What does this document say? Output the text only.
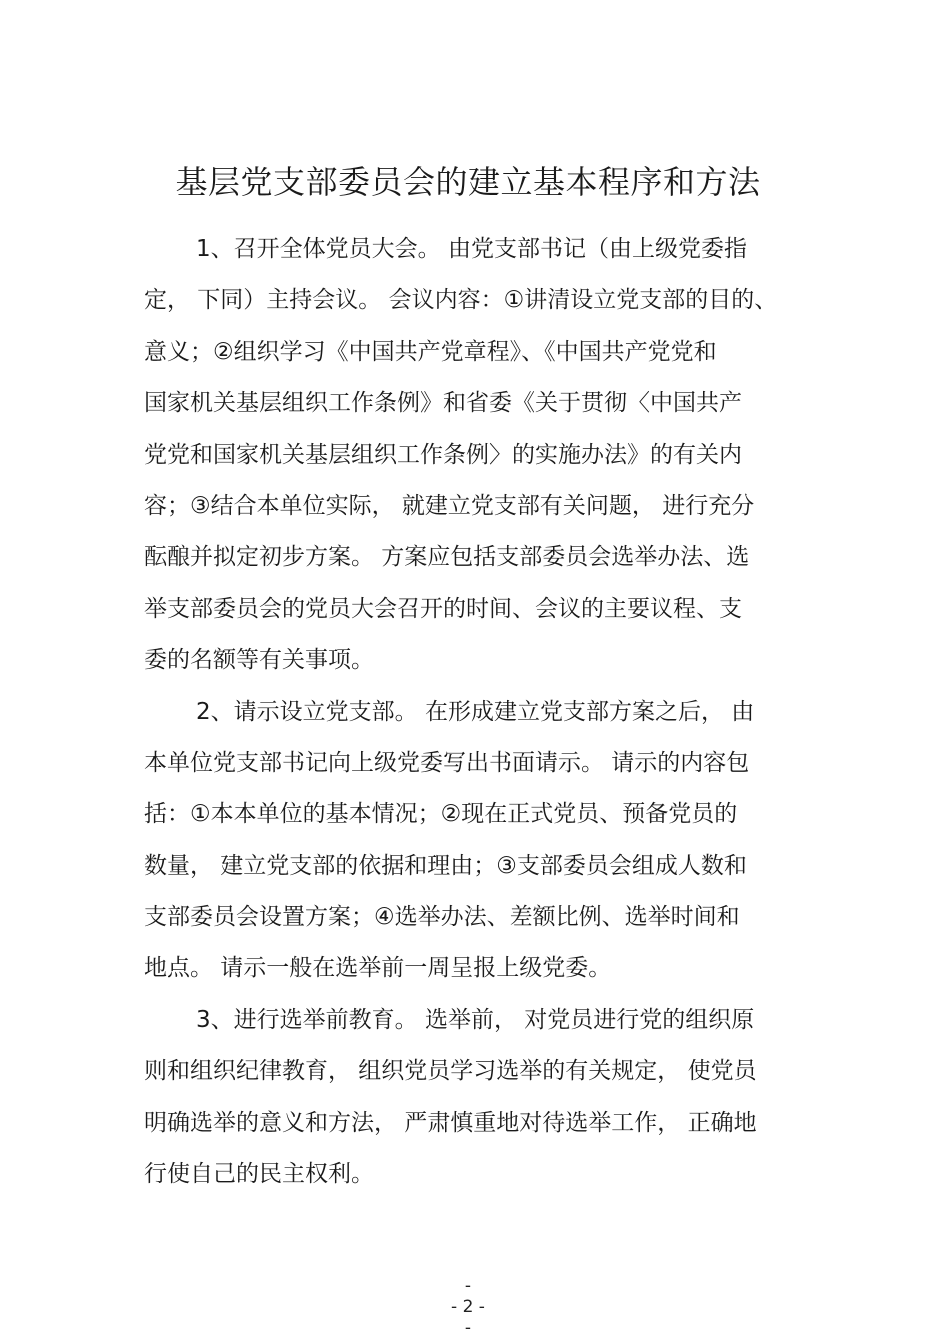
基层党支部委员会的建立基本程序和方法

1、召开全体党员大会。 由党支部书记（由上级党委指
定， 下同）主持会议。 会议内容：①讲清设立党支部的目的、
意义；②组织学习《中国共产党章程》、《中国共产党党和
国家机关基层组织工作条例》和省委《关于贯彻〈中国共产
党党和国家机关基层组织工作条例〉的实施办法》的有关内
容；③结合本单位实际， 就建立党支部有关问题， 进行充分
酝酿并拟定初步方案。 方案应包括支部委员会选举办法、选
举支部委员会的党员大会召开的时间、会议的主要议程、支
委的名额等有关事项。

2、请示设立党支部。 在形成建立党支部方案之后， 由
本单位党支部书记向上级党委写出书面请示。 请示的内容包
括：①本本单位的基本情况；②现在正式党员、预备党员的
数量， 建立党支部的依据和理由；③支部委员会组成人数和
支部委员会设置方案；④选举办法、差额比例、选举时间和
地点。 请示一般在选举前一周呈报上级党委。

3、进行选举前教育。 选举前， 对党员进行党的组织原
则和组织纪律教育， 组织党员学习选举的有关规定， 使党员
明确选举的意义和方法， 严肃慎重地对待选举工作， 正确地
行使自己的民主权利。

-
- 2 -
-
